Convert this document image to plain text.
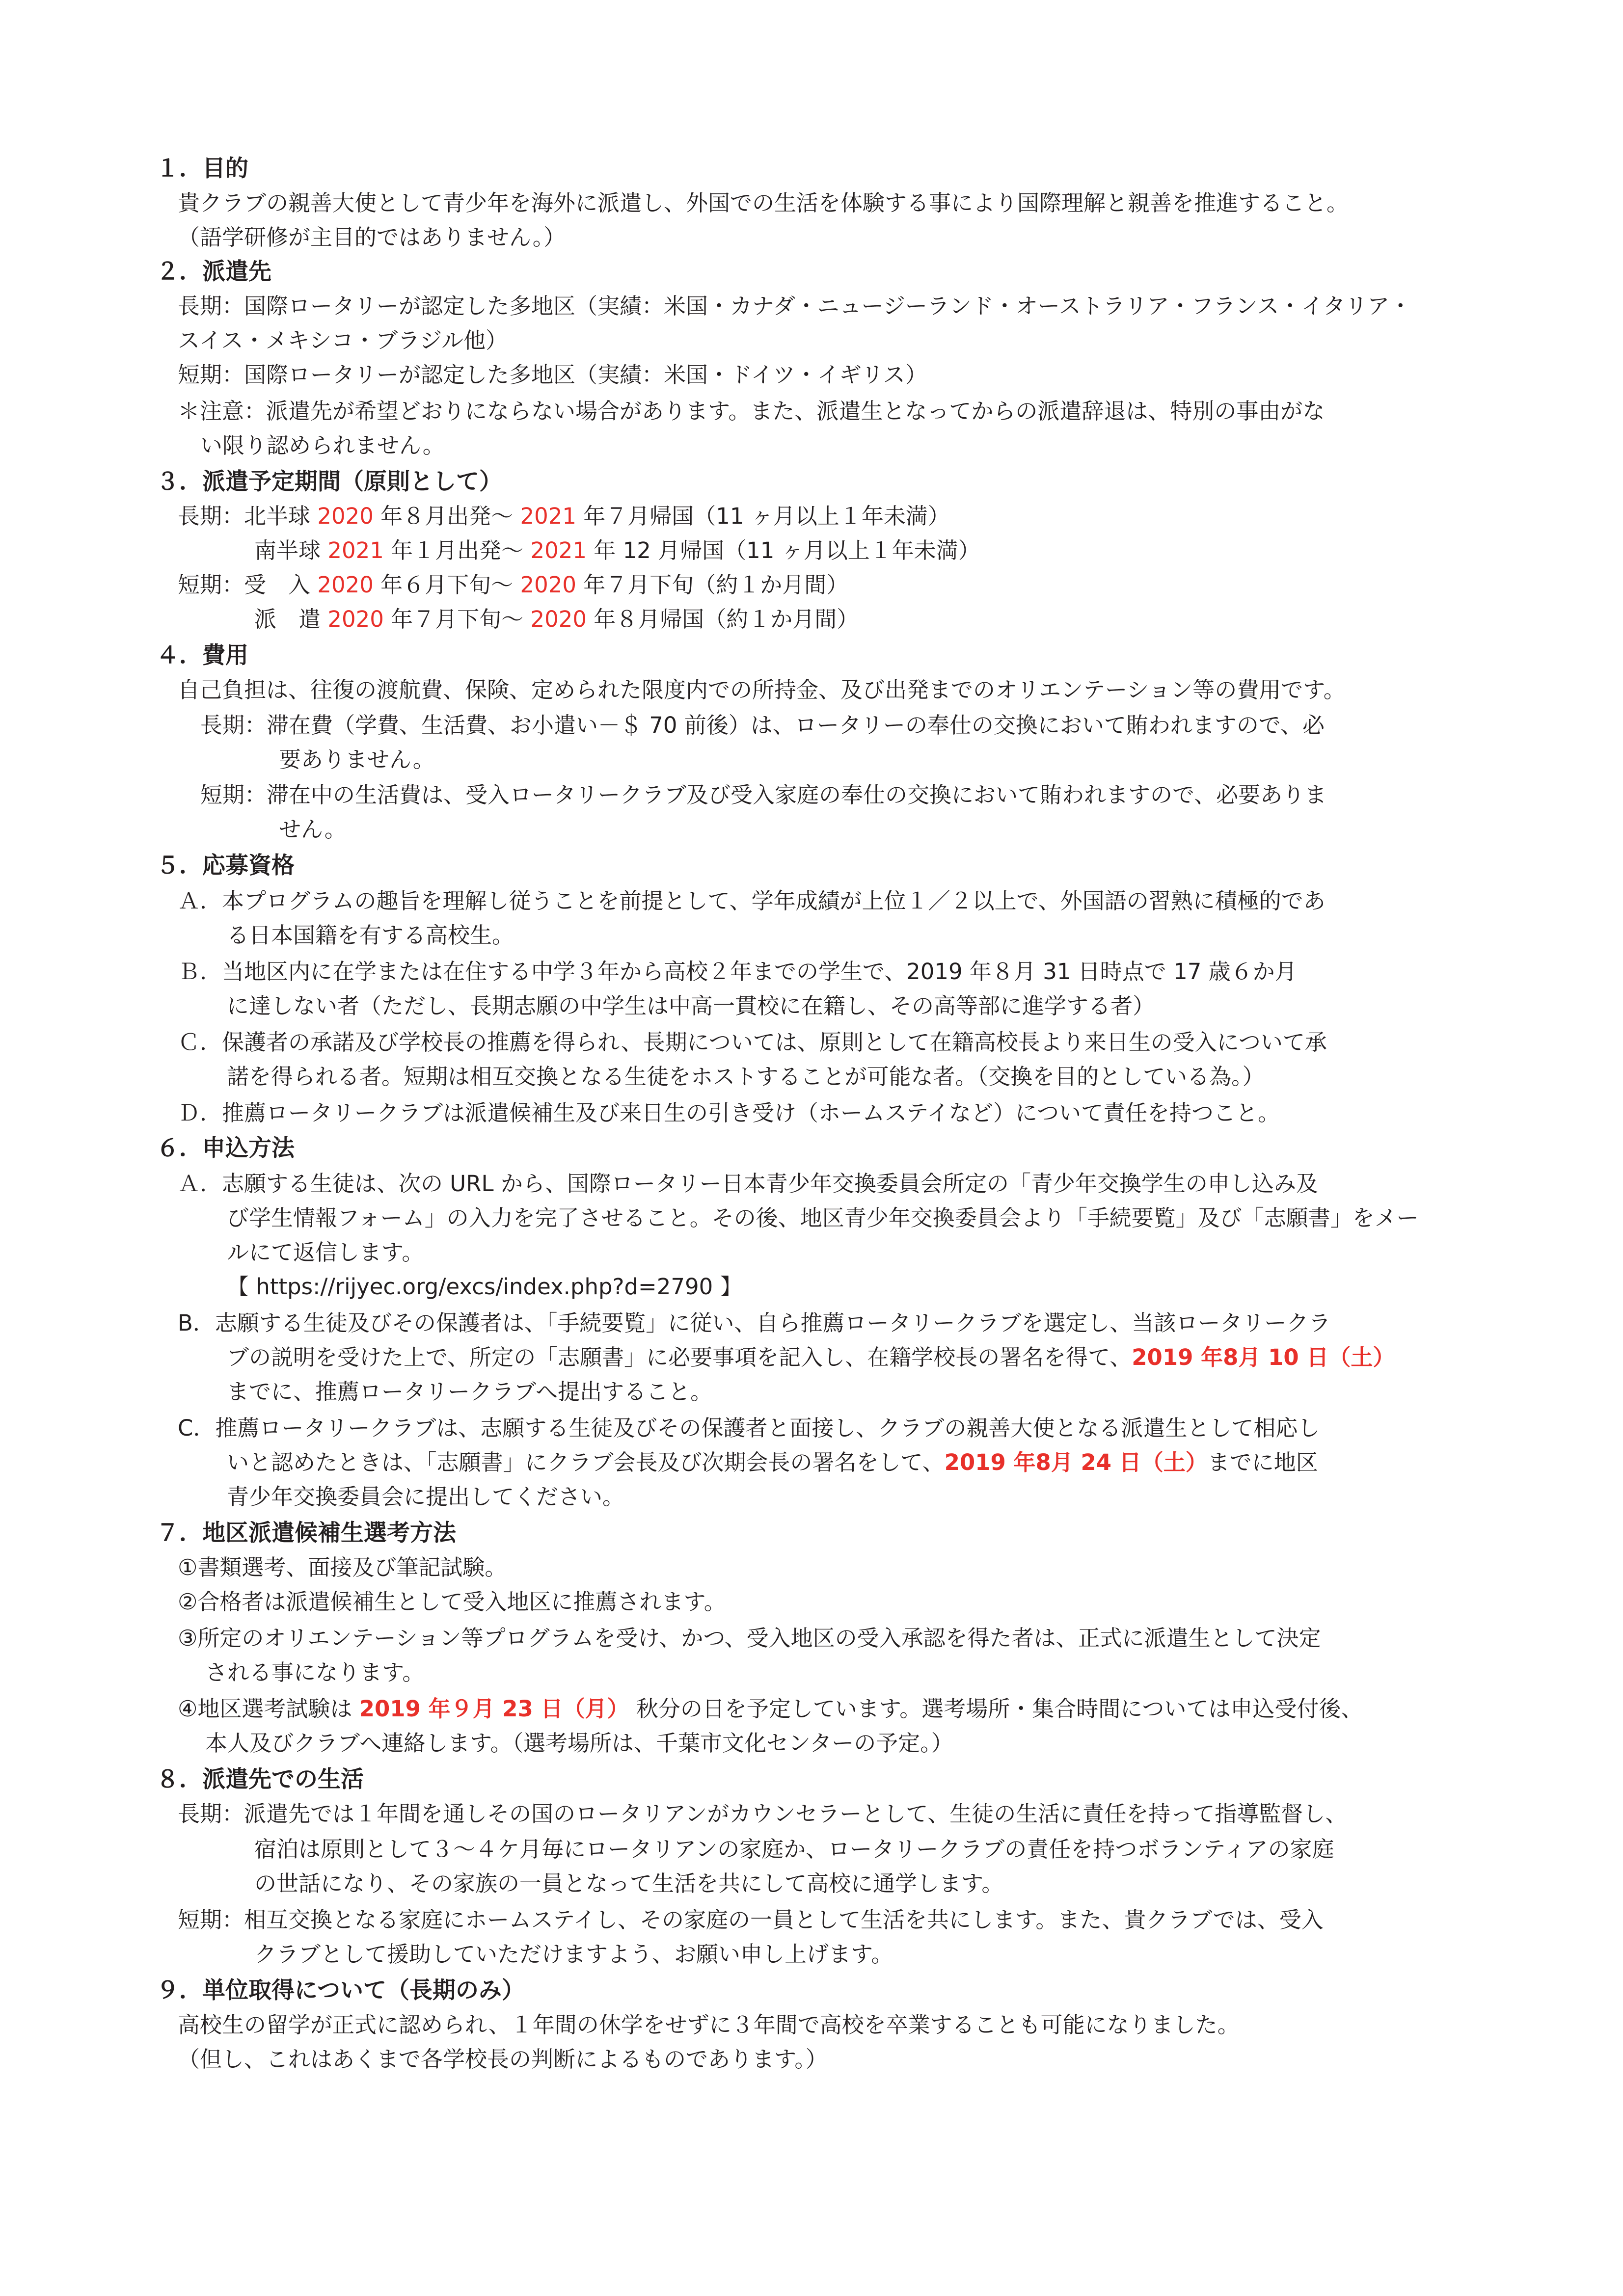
１．目的

貴クラブの親善大使として青少年を海外に派遣し、外国での生活を体験する事により国際理解と親善を推進すること。

（語学研修が主目的ではありません。）

２．派遣先

長期：国際ロータリーが認定した多地区（実績：米国・カナダ・ニュージーランド・オーストラリア・フランス・イタリア・

スイス・メキシコ・ブラジル他）

短期：国際ロータリーが認定した多地区（実績：米国・ドイツ・イギリス）

＊注意：派遣先が希望どおりにならない場合があります。また、派遣生となってからの派遣辞退は、特別の事由がな

い限り認められません。

３．派遣予定期間（原則として）

長期：北半球 2020 年８月出発～ 2021 年７月帰国（11 ヶ月以上１年未満）

南半球 2021 年１月出発～ 2021 年 12 月帰国（11 ヶ月以上１年未満）

短期：受　入 2020 年６月下旬～ 2020 年７月下旬（約１か月間）

派　遣 2020 年７月下旬～ 2020 年８月帰国（約１か月間）

４．費用

自己負担は、往復の渡航費、保険、定められた限度内での所持金、及び出発までのオリエンテーション等の費用です。

長期：滞在費（学費、生活費、お小遣い－＄ 70 前後）は、ロータリーの奉仕の交換において賄われますので、必

要ありません。

短期：滞在中の生活費は、受入ロータリークラブ及び受入家庭の奉仕の交換において賄われますので、必要ありま

せん。

５．応募資格

Ａ．本プログラムの趣旨を理解し従うことを前提として、学年成績が上位１／２以上で、外国語の習熟に積極的であ

る日本国籍を有する高校生。

Ｂ．当地区内に在学または在住する中学３年から高校２年までの学生で、2019 年８月 31 日時点で 17 歳６か月

に達しない者（ただし、長期志願の中学生は中高一貫校に在籍し、その高等部に進学する者）

Ｃ．保護者の承諾及び学校長の推薦を得られ、長期については、原則として在籍高校長より来日生の受入について承

諾を得られる者。短期は相互交換となる生徒をホストすることが可能な者。（交換を目的としている為。）

Ｄ．推薦ロータリークラブは派遣候補生及び来日生の引き受け（ホームステイなど）について責任を持つこと。

６．申込方法

Ａ．志願する生徒は、次の URL から、国際ロータリー日本青少年交換委員会所定の「青少年交換学生の申し込み及

び学生情報フォーム」の入力を完了させること。その後、地区青少年交換委員会より「手続要覧」及び「志願書」をメー

ルにて返信します。

【 https://rijyec.org/excs/index.php?d=2790 】

B．志願する生徒及びその保護者は、「手続要覧」に従い、自ら推薦ロータリークラブを選定し、当該ロータリークラ

ブの説明を受けた上で、所定の「志願書」に必要事項を記入し、在籍学校長の署名を得て、2019 年8月 10 日（土）

までに、推薦ロータリークラブへ提出すること。

C．推薦ロータリークラブは、志願する生徒及びその保護者と面接し、クラブの親善大使となる派遣生として相応し

いと認めたときは、「志願書」にクラブ会長及び次期会長の署名をして、2019 年8月 24 日（土）までに地区

青少年交換委員会に提出してください。

７．地区派遣候補生選考方法

①書類選考、面接及び筆記試験。

②合格者は派遣候補生として受入地区に推薦されます。

③所定のオリエンテーション等プログラムを受け、かつ、受入地区の受入承認を得た者は、正式に派遣生として決定

される事になります。

④地区選考試験は 2019 年９月 23 日（月） 秋分の日を予定しています。選考場所・集合時間については申込受付後、

本人及びクラブへ連絡します。（選考場所は、千葉市文化センターの予定。）

８．派遣先での生活

長期：派遣先では１年間を通しその国のロータリアンがカウンセラーとして、生徒の生活に責任を持って指導監督し、

宿泊は原則として３～４ケ月毎にロータリアンの家庭か、ロータリークラブの責任を持つボランティアの家庭

の世話になり、その家族の一員となって生活を共にして高校に通学します。

短期：相互交換となる家庭にホームステイし、その家庭の一員として生活を共にします。また、貴クラブでは、受入

クラブとして援助していただけますよう、お願い申し上げます。

９．単位取得について（長期のみ）

高校生の留学が正式に認められ、１年間の休学をせずに３年間で高校を卒業することも可能になりました。

（但し、これはあくまで各学校長の判断によるものであります。）
